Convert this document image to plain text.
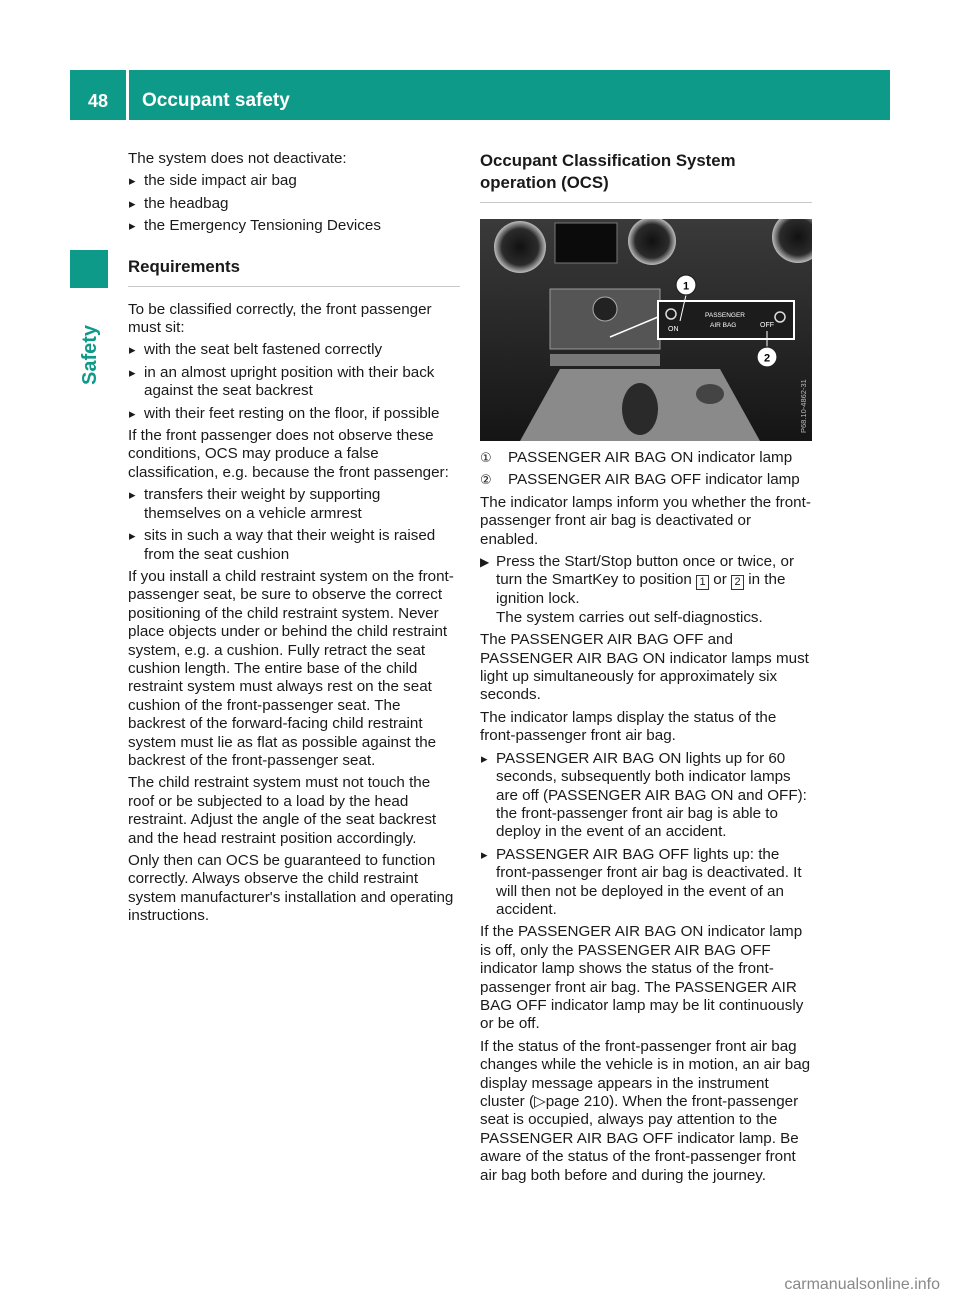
48	Occupant safety
Safety

The system does not deactivate:

▸ the side impact air bag
▸ the headbag
▸ the Emergency Tensioning Devices
Requirements

To be classified correctly, the front passenger must sit:

▸ with the seat belt fastened correctly
▸ in an almost upright position with their back against the seat backrest
▸ with their feet resting on the floor, if possible

If the front passenger does not observe these conditions, OCS may produce a false classification, e.g. because the front passenger:

▸ transfers their weight by supporting themselves on a vehicle armrest
▸ sits in such a way that their weight is raised from the seat cushion

If you install a child restraint system on the front-passenger seat, be sure to observe the correct positioning of the child restraint system. Never place objects under or behind the child restraint system, e.g. a cushion. Fully retract the seat cushion length. The entire base of the child restraint system must always rest on the seat cushion of the front-passenger seat. The backrest of the forward-facing child restraint system must lie as flat as possible against the backrest of the front-passenger seat.

The child restraint system must not touch the roof or be subjected to a load by the head restraint. Adjust the angle of the seat backrest and the head restraint position accordingly.

Only then can OCS be guaranteed to function correctly. Always observe the child restraint system manufacturer's installation and operating instructions.

Occupant Classification System operation (OCS)
ON
PASSENGER
AIR BAG	OFF
1
2
P68.10-4862-31
① PASSENGER AIR BAG ON indicator lamp
② PASSENGER AIR BAG OFF indicator lamp

The indicator lamps inform you whether the front-passenger front air bag is deactivated or enabled.

▶ Press the Start/Stop button once or twice, or turn the SmartKey to position 1 or 2 in the ignition lock.
The system carries out self-diagnostics.

The PASSENGER AIR BAG OFF and PASSENGER AIR BAG ON indicator lamps must light up simultaneously for approximately six seconds.

The indicator lamps display the status of the front-passenger front air bag.

▸ PASSENGER AIR BAG ON lights up for 60 seconds, subsequently both indicator lamps are off (PASSENGER AIR BAG ON and OFF): the front-passenger front air bag is able to deploy in the event of an accident.
▸ PASSENGER AIR BAG OFF lights up: the front-passenger front air bag is deactivated. It will then not be deployed in the event of an accident.

If the PASSENGER AIR BAG ON indicator lamp is off, only the PASSENGER AIR BAG OFF indicator lamp shows the status of the front-passenger front air bag. The PASSENGER AIR BAG OFF indicator lamp may be lit continuously or be off.

If the status of the front-passenger front air bag changes while the vehicle is in motion, an air bag display message appears in the instrument cluster (▷page 210). When the front-passenger seat is occupied, always pay attention to the PASSENGER AIR BAG OFF indicator lamp. Be aware of the status of the front-passenger front air bag both before and during the journey.

carmanualsonline.info
